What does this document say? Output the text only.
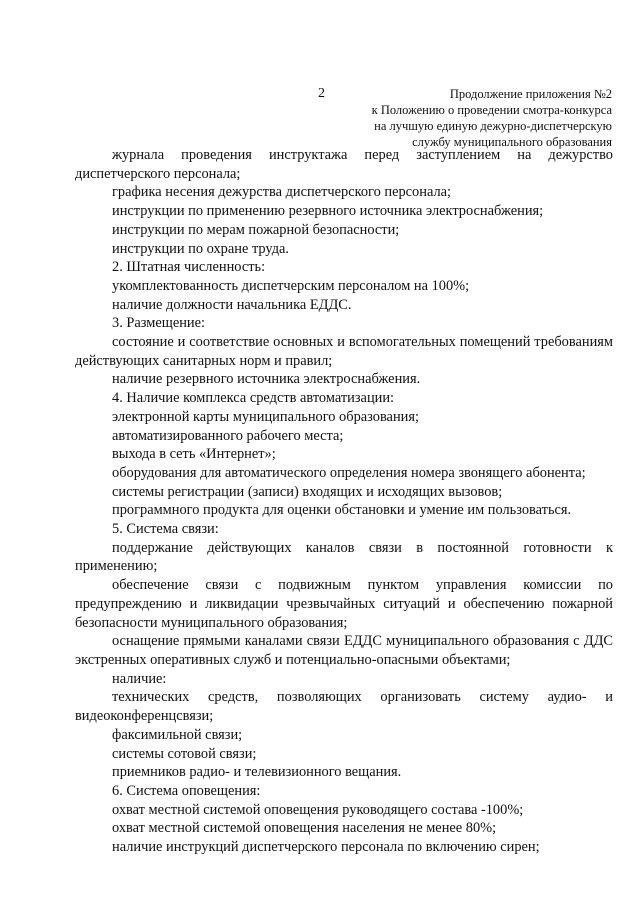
2	Продолжение приложения №2
к Положению о проведении смотра-конкурса
на лучшую единую дежурно-диспетчерскую
службу муниципального образования

журнала проведения инструктажа перед заступлением на дежурство диспетчерского персонала;

графика несения дежурства диспетчерского персонала;

инструкции по применению резервного источника электроснабжения;

инструкции по мерам пожарной безопасности;

инструкции по охране труда.

2. Штатная численность:

укомплектованность диспетчерским персоналом на 100%;

наличие должности начальника ЕДДС.

3. Размещение:

состояние и соответствие основных и вспомогательных помещений требованиям действующих санитарных норм и правил;

наличие резервного источника электроснабжения.

4. Наличие комплекса средств автоматизации:

электронной карты муниципального образования;

автоматизированного рабочего места;

выхода в сеть «Интернет»;

оборудования для автоматического определения номера звонящего абонента;

системы регистрации (записи) входящих и исходящих вызовов;

программного продукта для оценки обстановки и умение им пользоваться.

5. Система связи:

поддержание действующих каналов связи в постоянной готовности к применению;

обеспечение связи с подвижным пунктом управления комиссии по предупреждению и ликвидации чрезвычайных ситуаций и обеспечению пожарной безопасности муниципального образования;

оснащение прямыми каналами связи ЕДДС муниципального образования с ДДС экстренных оперативных служб и потенциально-опасными объектами;

наличие:

технических средств, позволяющих организовать систему аудио- и видеоконференцсвязи;

факсимильной связи;

системы сотовой связи;

приемников радио- и телевизионного вещания.

6. Система оповещения:

охват местной системой оповещения руководящего состава -100%;

охват местной системой оповещения населения не менее 80%;

наличие инструкций диспетчерского персонала по включению сирен;
